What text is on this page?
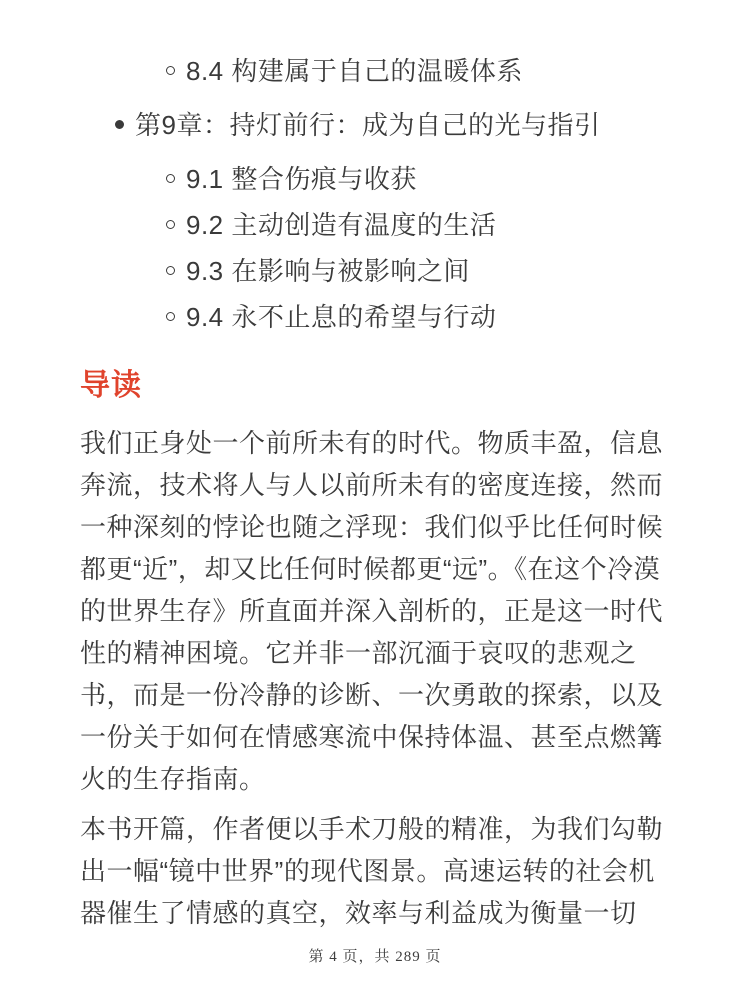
8.4 构建属于自己的温暖体系
第9章：持灯前行：成为自己的光与指引
9.1 整合伤痕与收获
9.2 主动创造有温度的生活
9.3 在影响与被影响之间
9.4 永不止息的希望与行动
导读

我们正身处一个前所未有的时代。物质丰盈，信息奔流，技术将人与人以前所未有的密度连接，然而一种深刻的悖论也随之浮现：我们似乎比任何时候都更“近”，却又比任何时候都更“远”。《在这个冷漠的世界生存》所直面并深入剖析的，正是这一时代性的精神困境。它并非一部沉湎于哀叹的悲观之书，而是一份冷静的诊断、一次勇敢的探索，以及一份关于如何在情感寒流中保持体温、甚至点燃篝火的生存指南。

本书开篇，作者便以手术刀般的精准，为我们勾勒出一幅“镜中世界”的现代图景。高速运转的社会机器催生了情感的真空，效率与利益成为衡量一切

第 4 页，共 289 页
